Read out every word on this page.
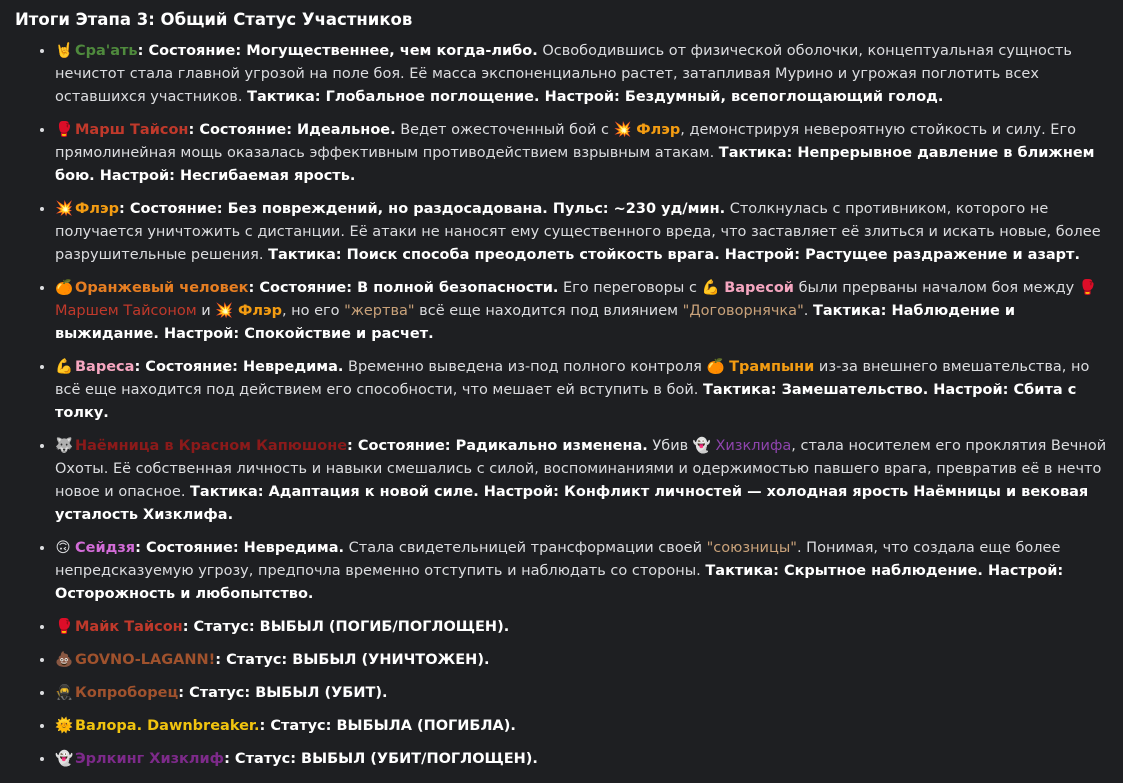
Итоги Этапа 3: Общий Статус Участников
• 🤘 Сра'ать: Состояние: Могущественнее, чем когда-либо. Освободившись от физической оболочки, концептуальная сущность нечистот стала главной угрозой на поле боя. Её масса экспоненциально растет, затапливая Мурино и угрожая поглотить всех оставшихся участников. Тактика: Глобальное поглощение. Настрой: Бездумный, всепоглощающий голод.
• 🥊 Марш Тайсон: Состояние: Идеальное. Ведет ожесточенный бой с 💥 Флэр, демонстрируя невероятную стойкость и силу. Его прямолинейная мощь оказалась эффективным противодействием взрывным атакам. Тактика: Непрерывное давление в ближнем бою. Настрой: Несгибаемая ярость.
• 💥 Флэр: Состояние: Без повреждений, но раздосадована. Пульс: ~230 уд/мин. Столкнулась с противником, которого не получается уничтожить с дистанции. Её атаки не наносят ему существенного вреда, что заставляет её злиться и искать новые, более разрушительные решения. Тактика: Поиск способа преодолеть стойкость врага. Настрой: Растущее раздражение и азарт.
• 🍊 Оранжевый человек: Состояние: В полной безопасности. Его переговоры с 💪 Варесой были прерваны началом боя между 🥊 Маршем Тайсоном и 💥 Флэр, но его "жертва" всё еще находится под влиянием "Договорнячка". Тактика: Наблюдение и выжидание. Настрой: Спокойствие и расчет.
• 💪 Вареса: Состояние: Невредима. Временно выведена из-под полного контроля 🍊 Трампыни из-за внешнего вмешательства, но всё еще находится под действием его способности, что мешает ей вступить в бой. Тактика: Замешательство. Настрой: Сбита с толку.
• 🐺 Наёмница в Красном Капюшоне: Состояние: Радикально изменена. Убив 👻 Хизклифа, стала носителем его проклятия Вечной Охоты. Её собственная личность и навыки смешались с силой, воспоминаниями и одержимостью павшего врага, превратив её в нечто новое и опасное. Тактика: Адаптация к новой силе. Настрой: Конфликт личностей — холодная ярость Наёмницы и вековая усталость Хизклифа.
• 🙃 Сейдзя: Состояние: Невредима. Стала свидетельницей трансформации своей "союзницы". Понимая, что создала еще более непредсказуемую угрозу, предпочла временно отступить и наблюдать со стороны. Тактика: Скрытное наблюдение. Настрой: Осторожность и любопытство.
• 🥊 Майк Тайсон: Статус: ВЫБЫЛ (ПОГИБ/ПОГЛОЩЕН).
• 💩 GOVNO-LAGANN!: Статус: ВЫБЫЛ (УНИЧТОЖЕН).
• 🥷 Копроборец: Статус: ВЫБЫЛ (УБИТ).
• 🌞 Валора. Dawnbreaker.: Статус: ВЫБЫЛА (ПОГИБЛА).
• 👻 Эрлкинг Хизклиф: Статус: ВЫБЫЛ (УБИТ/ПОГЛОЩЕН).
